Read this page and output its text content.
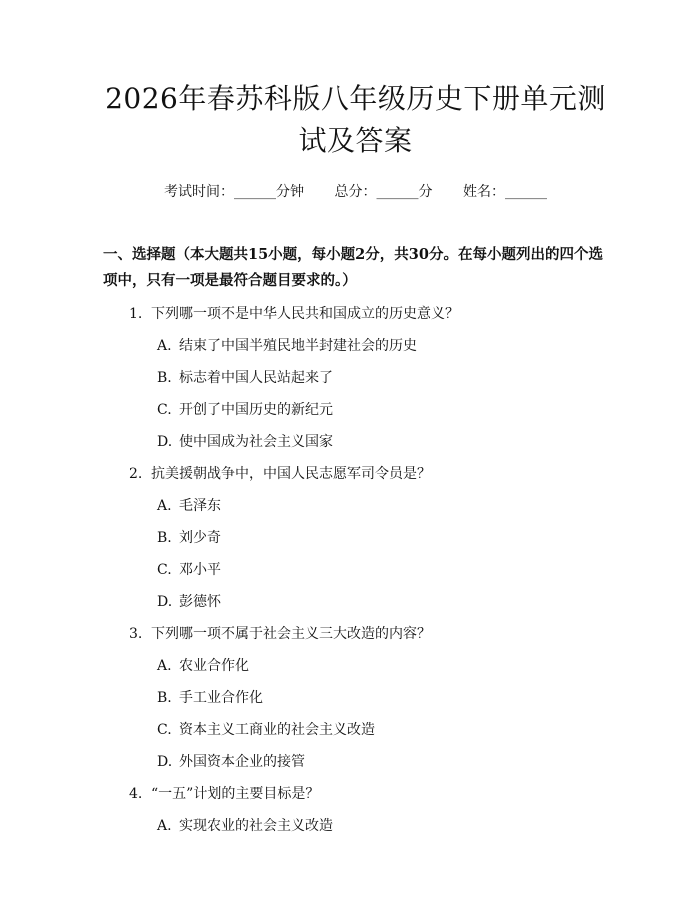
2026年春苏科版八年级历史下册单元测试及答案
考试时间：______分钟 总分：______分 姓名：______
一、选择题（本大题共15小题，每小题2分，共30分。在每小题列出的四个选项中，只有一项是最符合题目要求的。）
1. 下列哪一项不是中华人民共和国成立的历史意义？
A. 结束了中国半殖民地半封建社会的历史
B. 标志着中国人民站起来了
C. 开创了中国历史的新纪元
D. 使中国成为社会主义国家
2. 抗美援朝战争中，中国人民志愿军司令员是？
A. 毛泽东
B. 刘少奇
C. 邓小平
D. 彭德怀
3. 下列哪一项不属于社会主义三大改造的内容？
A. 农业合作化
B. 手工业合作化
C. 资本主义工商业的社会主义改造
D. 外国资本企业的接管
4. “一五”计划的主要目标是？
A. 实现农业的社会主义改造
